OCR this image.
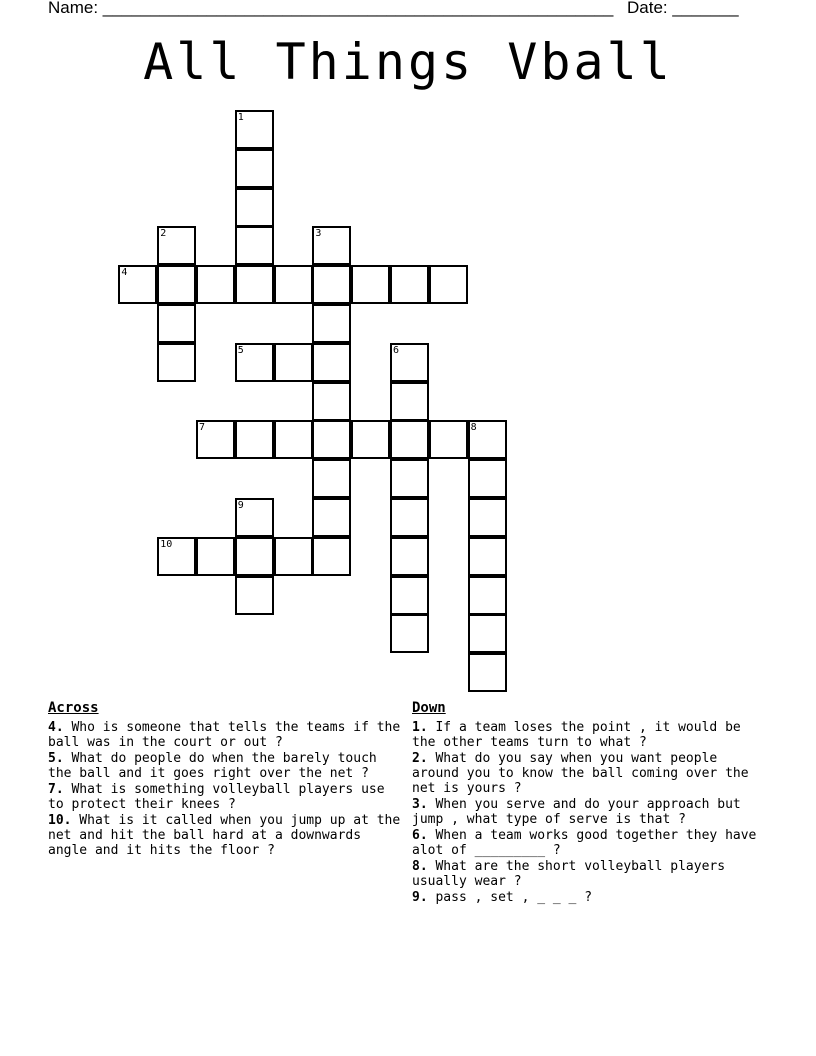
Name: ______________________________________________________ Date: _______
All Things Vball
1
2	3
4
5	6
7	8
9
10
Across
4. Who is someone that tells the teams if the ball was in the court or out ?
5. What do people do when the barely touch the ball and it goes right over the net ?
7. What is something volleyball players use to protect their knees ?
10. What is it called when you jump up at the net and hit the ball hard at a downwards angle and it hits the floor ?
Down
1. If a team loses the point , it would be the other teams turn to what ?
2. What do you say when you want people around you to know the ball coming over the net is yours ?
3. When you serve and do your approach but jump , what type of serve is that ?
6. When a team works good together they have alot of _________ ?
8. What are the short volleyball players usually wear ?
9. pass , set , _ _ _ ?
